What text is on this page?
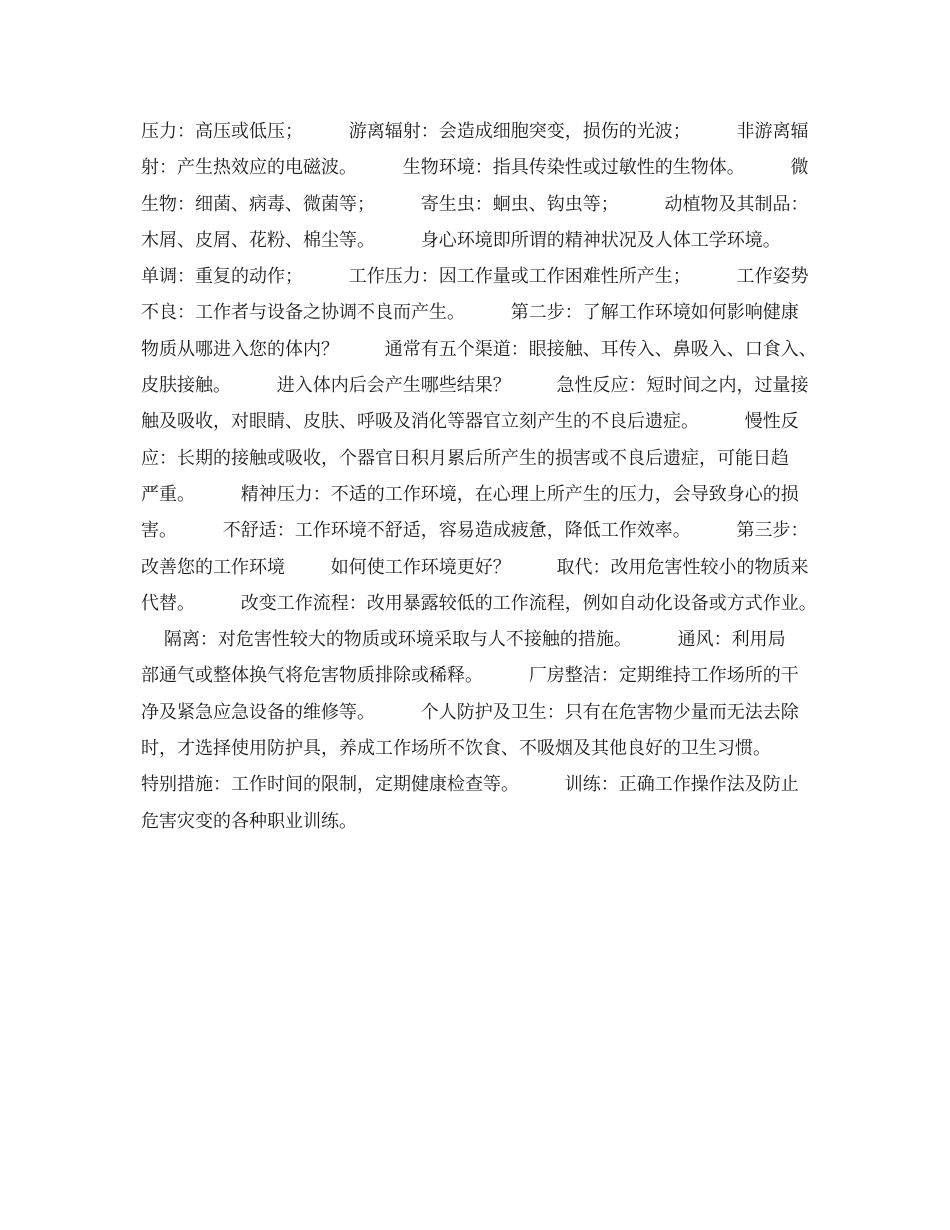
压力：高压或低压；        游离辐射：会造成细胞突变，损伤的光波；        非游离辐
射：产生热效应的电磁波。        生物环境：指具传染性或过敏性的生物体。        微
生物：细菌、病毒、微菌等；        寄生虫：蛔虫、钩虫等；        动植物及其制品：
木屑、皮屑、花粉、棉尘等。        身心环境即所谓的精神状况及人体工学环境。
单调：重复的动作；        工作压力：因工作量或工作困难性所产生；        工作姿势
不良：工作者与设备之协调不良而产生。        第二步：了解工作环境如何影响健康
物质从哪进入您的体内？        通常有五个渠道：眼接触、耳传入、鼻吸入、口食入、
皮肤接触。        进入体内后会产生哪些结果？        急性反应：短时间之内，过量接
触及吸收，对眼睛、皮肤、呼吸及消化等器官立刻产生的不良后遗症。        慢性反
应：长期的接触或吸收，个器官日积月累后所产生的损害或不良后遗症，可能日趋
严重。        精神压力：不适的工作环境，在心理上所产生的压力，会导致身心的损
害。        不舒适：工作环境不舒适，容易造成疲惫，降低工作效率。        第三步：
改善您的工作环境        如何使工作环境更好？        取代：改用危害性较小的物质来
代替。        改变工作流程：改用暴露较低的工作流程，例如自动化设备或方式作业。
隔离：对危害性较大的物质或环境采取与人不接触的措施。        通风：利用局
部通气或整体换气将危害物质排除或稀释。        厂房整洁：定期维持工作场所的干
净及紧急应急设备的维修等。        个人防护及卫生：只有在危害物少量而无法去除
时，才选择使用防护具，养成工作场所不饮食、不吸烟及其他良好的卫生习惯。
特别措施：工作时间的限制，定期健康检查等。        训练：正确工作操作法及防止
危害灾变的各种职业训练。
